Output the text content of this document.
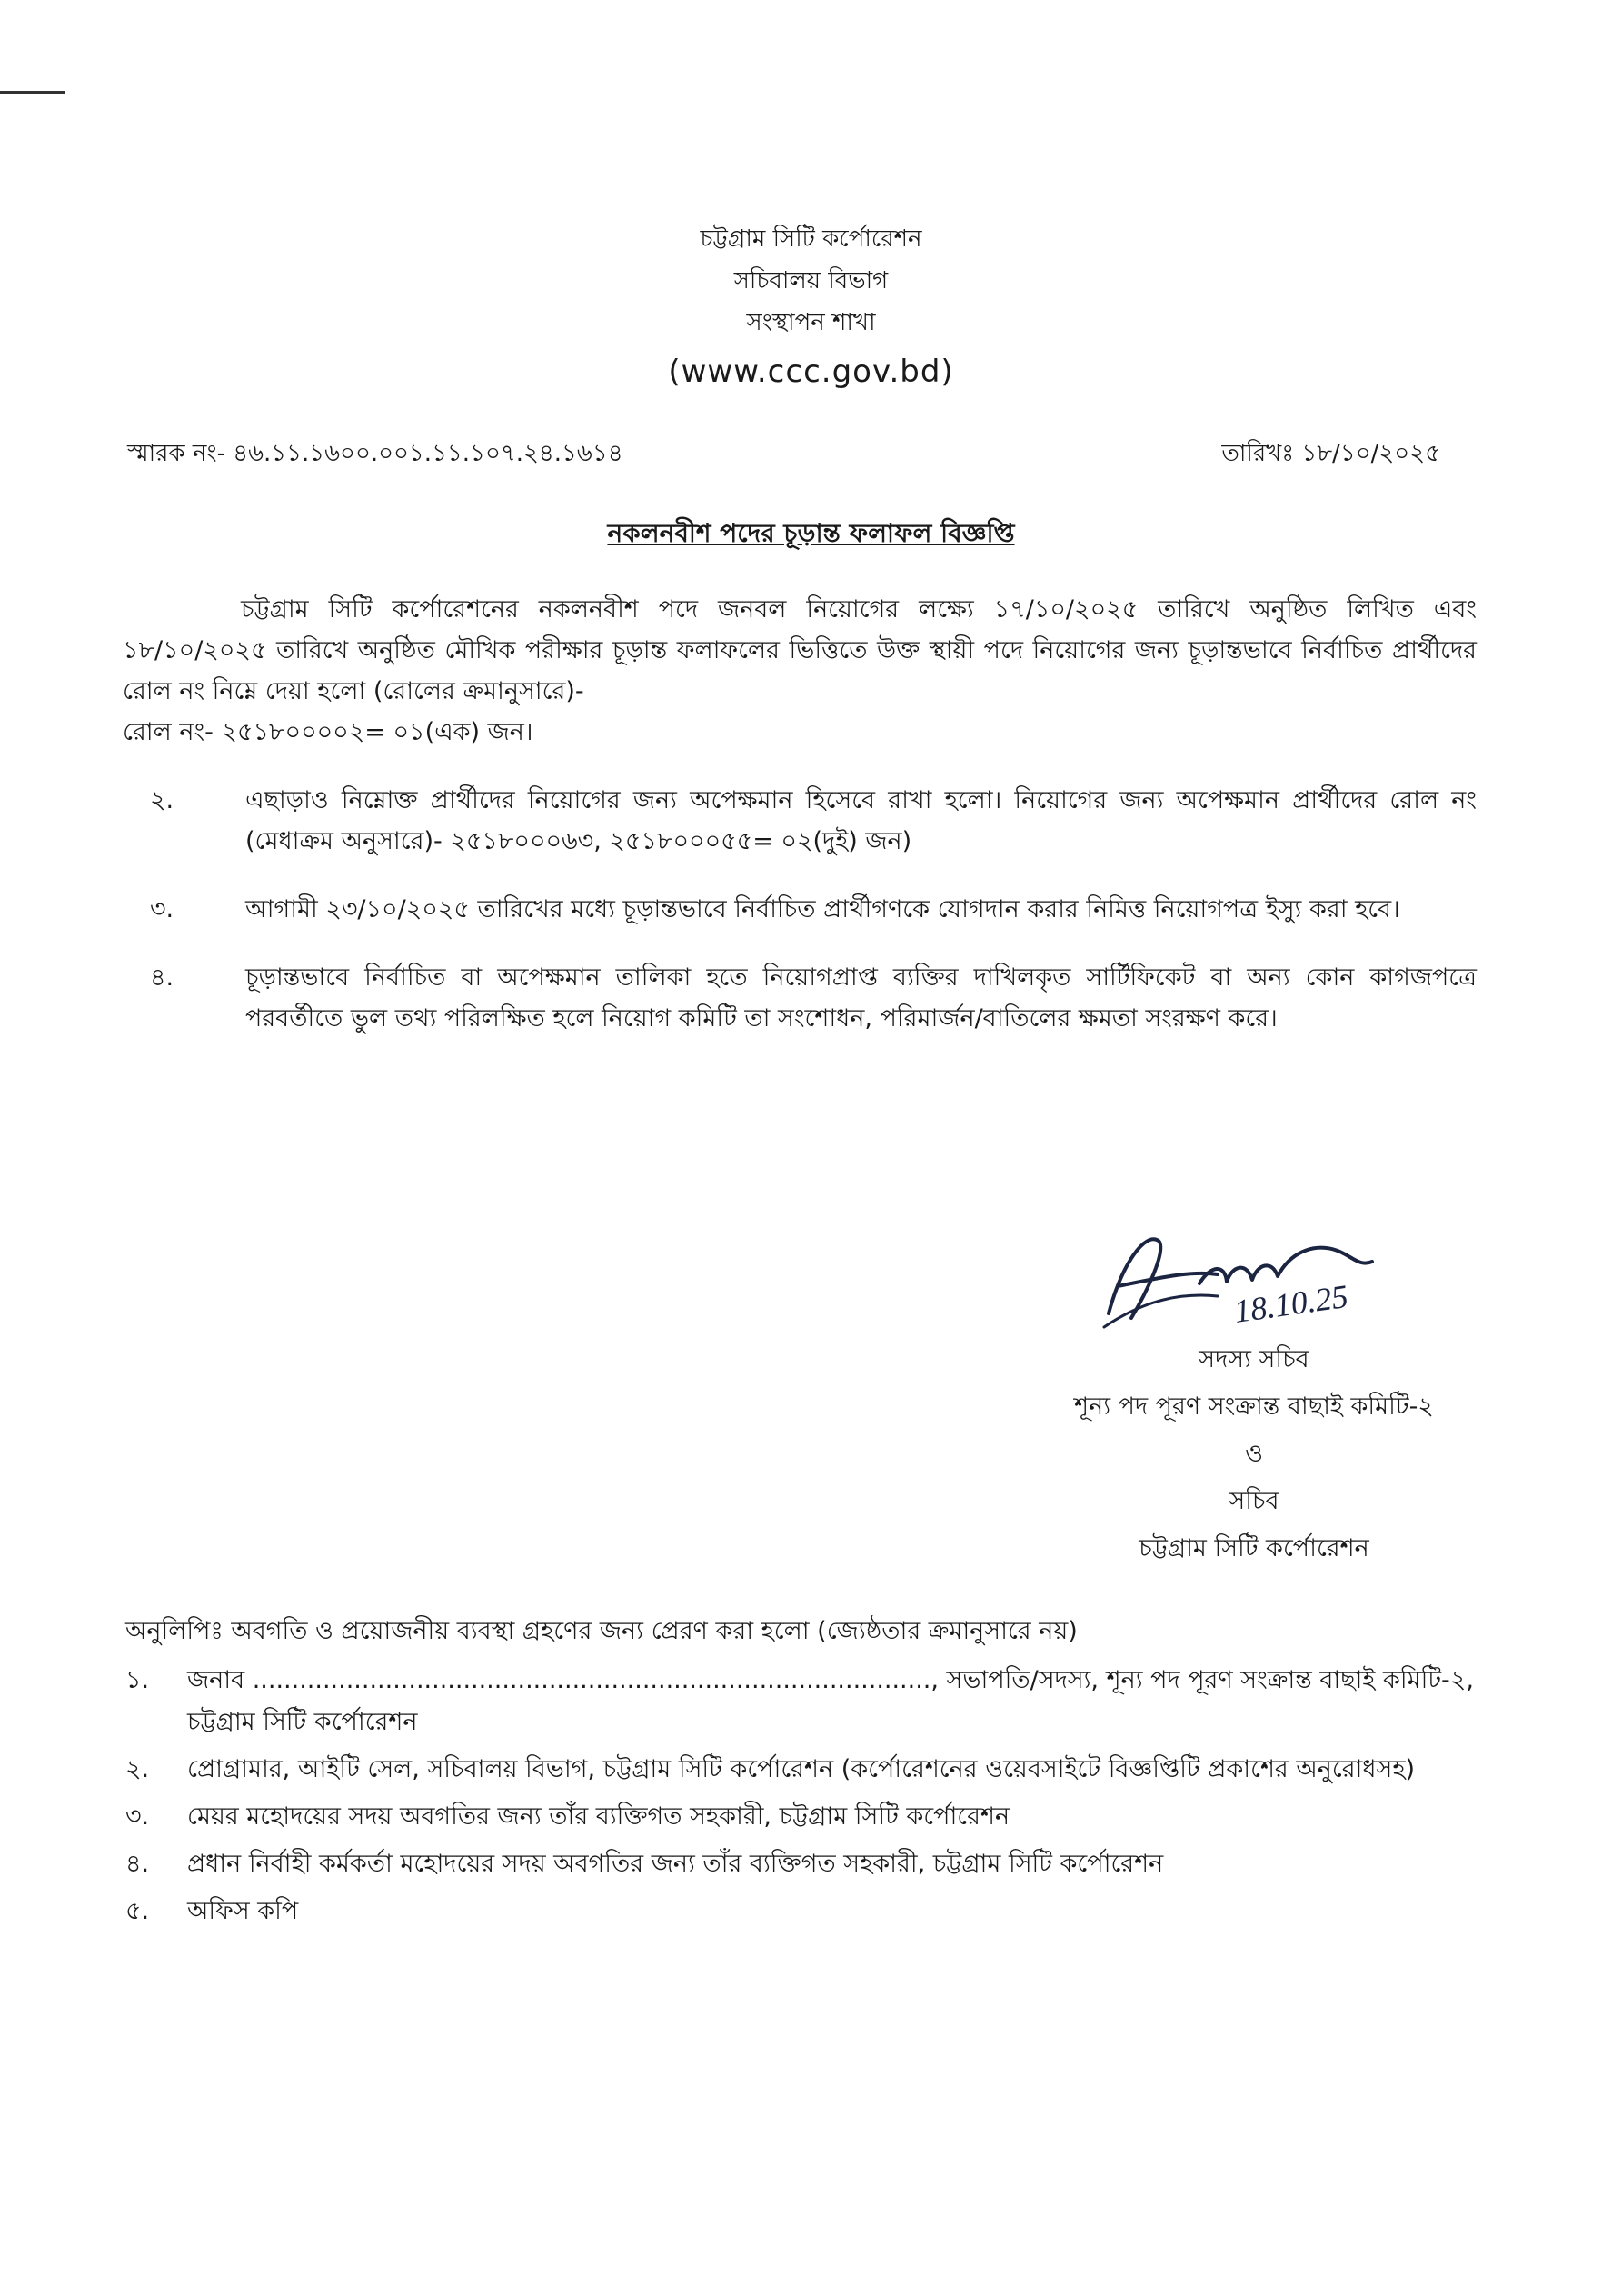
চট্টগ্রাম সিটি কর্পোরেশন
সচিবালয় বিভাগ
সংস্থাপন শাখা
(www.ccc.gov.bd)
স্মারক নং- ৪৬.১১.১৬০০.০০১.১১.১০৭.২৪.১৬১৪	তারিখঃ ১৮/১০/২০২৫
নকলনবীশ পদের চূড়ান্ত ফলাফল বিজ্ঞপ্তি

চট্টগ্রাম সিটি কর্পোরেশনের নকলনবীশ পদে জনবল নিয়োগের লক্ষ্যে ১৭/১০/২০২৫ তারিখে অনুষ্ঠিত লিখিত এবং ১৮/১০/২০২৫ তারিখে অনুষ্ঠিত মৌখিক পরীক্ষার চূড়ান্ত ফলাফলের ভিত্তিতে উক্ত স্থায়ী পদে নিয়োগের জন্য চূড়ান্তভাবে নির্বাচিত প্রার্থীদের রোল নং নিম্নে দেয়া হলো (রোলের ক্রমানুসারে)-

রোল নং- ২৫১৮০০০০২= ০১(এক) জন।

২.	এছাড়াও নিম্নোক্ত প্রার্থীদের নিয়োগের জন্য অপেক্ষমান হিসেবে রাখা হলো। নিয়োগের জন্য অপেক্ষমান প্রার্থীদের রোল নং (মেধাক্রম অনুসারে)- ২৫১৮০০০৬৩, ২৫১৮০০০৫৫= ০২(দুই) জন)
৩.	আগামী ২৩/১০/২০২৫ তারিখের মধ্যে চূড়ান্তভাবে নির্বাচিত প্রার্থীগণকে যোগদান করার নিমিত্ত নিয়োগপত্র ইস্যু করা হবে।
৪.	চূড়ান্তভাবে নির্বাচিত বা অপেক্ষমান তালিকা হতে নিয়োগপ্রাপ্ত ব্যক্তির দাখিলকৃত সার্টিফিকেট বা অন্য কোন কাগজপত্রে পরবর্তীতে ভুল তথ্য পরিলক্ষিত হলে নিয়োগ কমিটি তা সংশোধন, পরিমার্জন/বাতিলের ক্ষমতা সংরক্ষণ করে।
18.10.25
সদস্য সচিব
শূন্য পদ পূরণ সংক্রান্ত বাছাই কমিটি-২
ও
সচিব
চট্টগ্রাম সিটি কর্পোরেশন

অনুলিপিঃ অবগতি ও প্রয়োজনীয় ব্যবস্থা গ্রহণের জন্য প্রেরণ করা হলো (জ্যেষ্ঠতার ক্রমানুসারে নয়)

১. জনাব ......................................................................................., সভাপতি/সদস্য, শূন্য পদ পূরণ সংক্রান্ত বাছাই কমিটি-২, চট্টগ্রাম সিটি কর্পোরেশন
২. প্রোগ্রামার, আইটি সেল, সচিবালয় বিভাগ, চট্টগ্রাম সিটি কর্পোরেশন (কর্পোরেশনের ওয়েবসাইটে বিজ্ঞপ্তিটি প্রকাশের অনুরোধসহ)
৩. মেয়র মহোদয়ের সদয় অবগতির জন্য তাঁর ব্যক্তিগত সহকারী, চট্টগ্রাম সিটি কর্পোরেশন
৪. প্রধান নির্বাহী কর্মকর্তা মহোদয়ের সদয় অবগতির জন্য তাঁর ব্যক্তিগত সহকারী, চট্টগ্রাম সিটি কর্পোরেশন
৫. অফিস কপি
